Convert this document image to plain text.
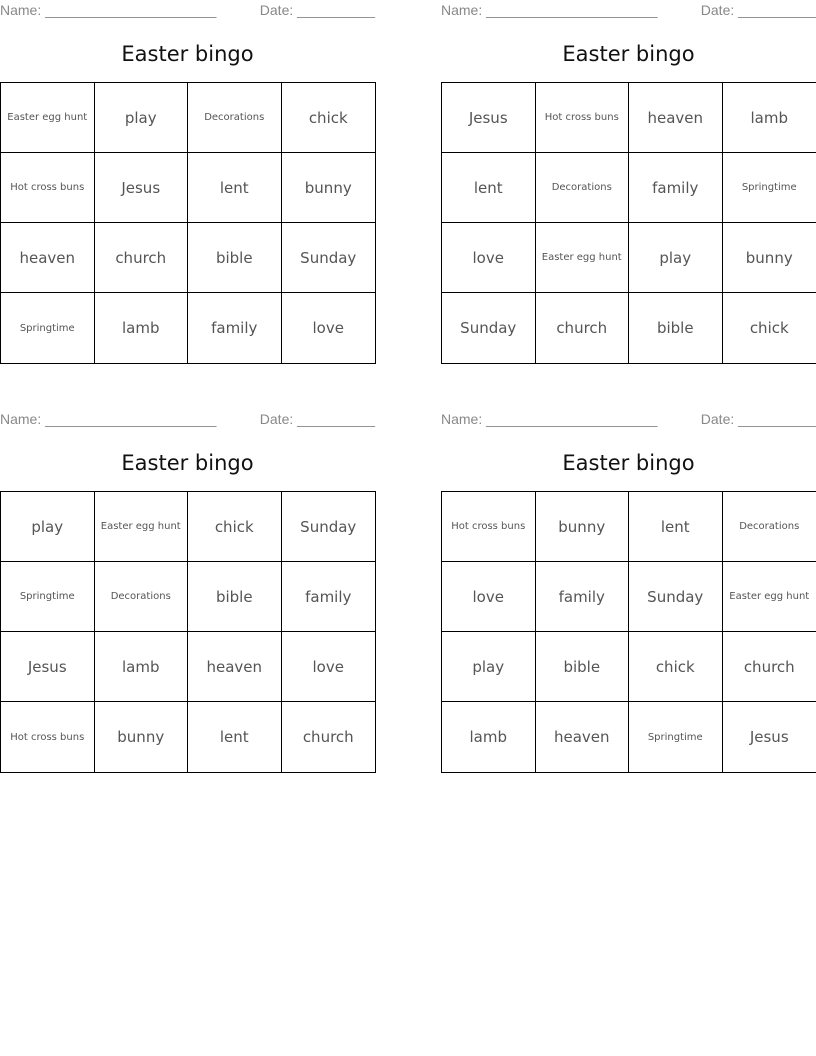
Name: ______________________	Date: __________
Easter bingo
Easter egg hunt	play	Decorations	chick
Hot cross buns	Jesus	lent	bunny
heaven	church	bible	Sunday
Springtime	lamb	family	love
Name: ______________________	Date: __________
Easter bingo
Jesus	Hot cross buns	heaven	lamb
lent	Decorations	family	Springtime
love	Easter egg hunt	play	bunny
Sunday	church	bible	chick
Name: ______________________	Date: __________
Easter bingo
play	Easter egg hunt	chick	Sunday
Springtime	Decorations	bible	family
Jesus	lamb	heaven	love
Hot cross buns	bunny	lent	church
Name: ______________________	Date: __________
Easter bingo
Hot cross buns	bunny	lent	Decorations
love	family	Sunday	Easter egg hunt
play	bible	chick	church
lamb	heaven	Springtime	Jesus
